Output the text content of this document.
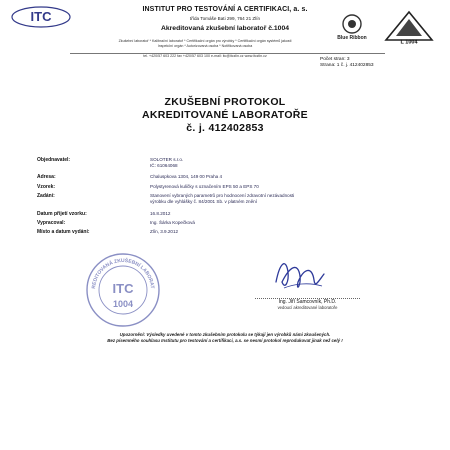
ITC	INSTITUT PRO TESTOVÁNÍ A CERTIFIKACI, a. s.
třída Tomáše Bati 299, 764 21 Zlín
Akreditovaná zkušební laboratoř č.1004
Blue Ribbon
L 1004
Zkušební laboratoř * Kalibrační laboratoř * Certifikační orgán pro výrobky * Certifikační orgán systémů jakosti
Inspekční orgán * Autorizovaná osoba * Notifikovaná osoba
tel. +420/57 603 222 fax +420/57 603 100 e-mail: itc@itczlin.cz www.itczlin.cz
Počet stran: 3
Strana: 1 č. j. 412402853
ZKUŠEBNÍ PROTOKOL
AKREDITOVANÉ LABORATOŘE
č. j. 412402853
Objednavatel:	SOLOTER s.r.o.
IČ: 61064068
Adresa:	Chaluspkova 1304, 149 00 Praha 4
Vzorek:	Polystyrenová kuličky s označením EPS 50 a EPS 70
Zadání:	Stanovení vybraných parametrů pro hodnocení zdravotní nezávadnosti
výrobku dle vyhlášky č. 84/2001 Sb. v platném znění
Datum přijetí vzorku:	16.8.2012
Vypracoval:	Ing. Šárka Kopečková
Místo a datum vydání:	Zlín, 3.9.2012
REDITOVANÁ ZKUŠEBNÍ LABORAT
ITC
1004	Ing. Jiří Samcovník, Ph.D.
vedoucí akreditované laboratoře
Upozornění: Výsledky uvedené v tomto zkušebním protokolu se týkají jen výrobků námi zkoušených.
Bez písemného souhlasu Institutu pro testování a certifikaci, a.s. se nesmí protokol reprodukovat jinak než celý !
